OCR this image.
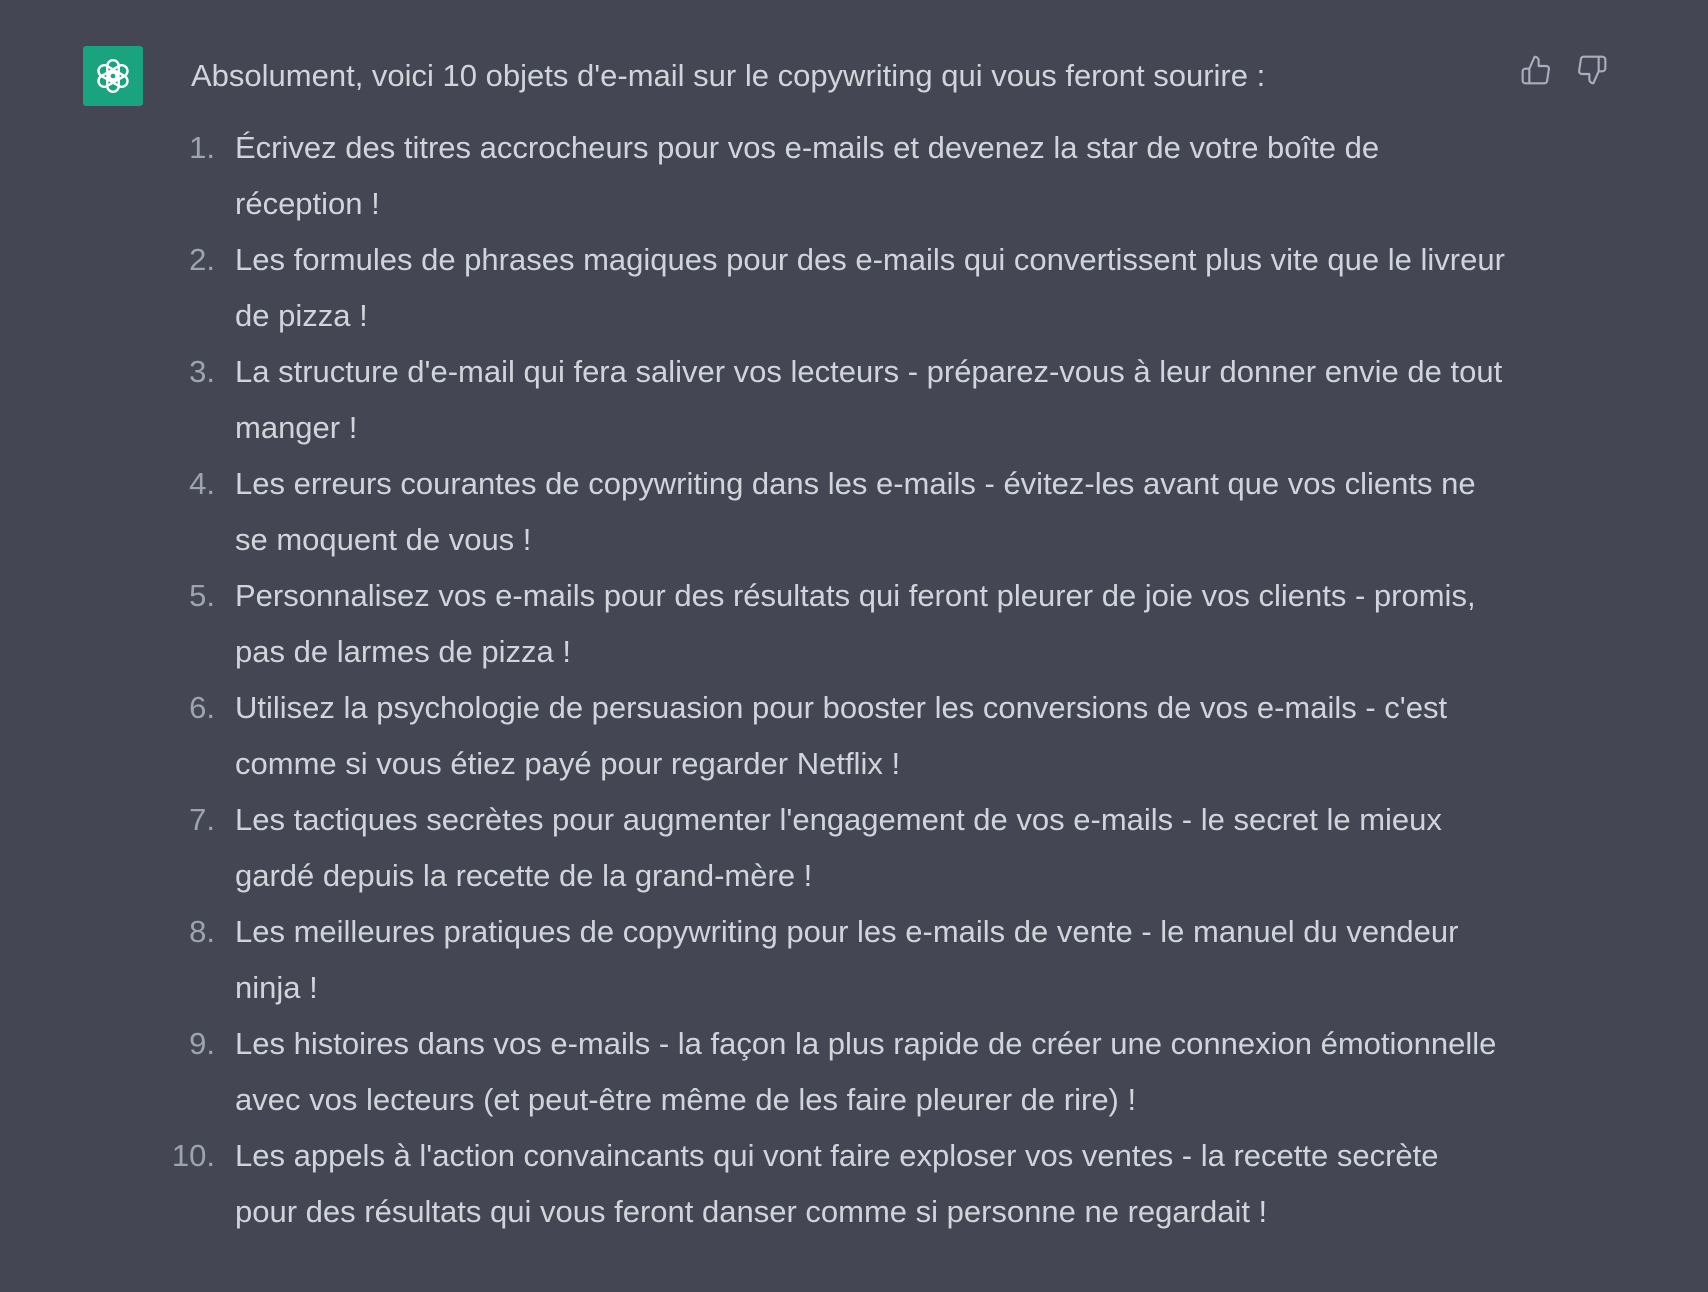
Absolument, voici 10 objets d'e-mail sur le copywriting qui vous feront sourire :

1. Écrivez des titres accrocheurs pour vos e-mails et devenez la star de votre boîte de réception !
2. Les formules de phrases magiques pour des e-mails qui convertissent plus vite que le livreur de pizza !
3. La structure d'e-mail qui fera saliver vos lecteurs - préparez-vous à leur donner envie de tout manger !
4. Les erreurs courantes de copywriting dans les e-mails - évitez-les avant que vos clients ne se moquent de vous !
5. Personnalisez vos e-mails pour des résultats qui feront pleurer de joie vos clients - promis, pas de larmes de pizza !
6. Utilisez la psychologie de persuasion pour booster les conversions de vos e-mails - c'est comme si vous étiez payé pour regarder Netflix !
7. Les tactiques secrètes pour augmenter l'engagement de vos e-mails - le secret le mieux gardé depuis la recette de la grand-mère !
8. Les meilleures pratiques de copywriting pour les e-mails de vente - le manuel du vendeur ninja !
9. Les histoires dans vos e-mails - la façon la plus rapide de créer une connexion émotionnelle avec vos lecteurs (et peut-être même de les faire pleurer de rire) !
10. Les appels à l'action convaincants qui vont faire exploser vos ventes - la recette secrète pour des résultats qui vous feront danser comme si personne ne regardait !
